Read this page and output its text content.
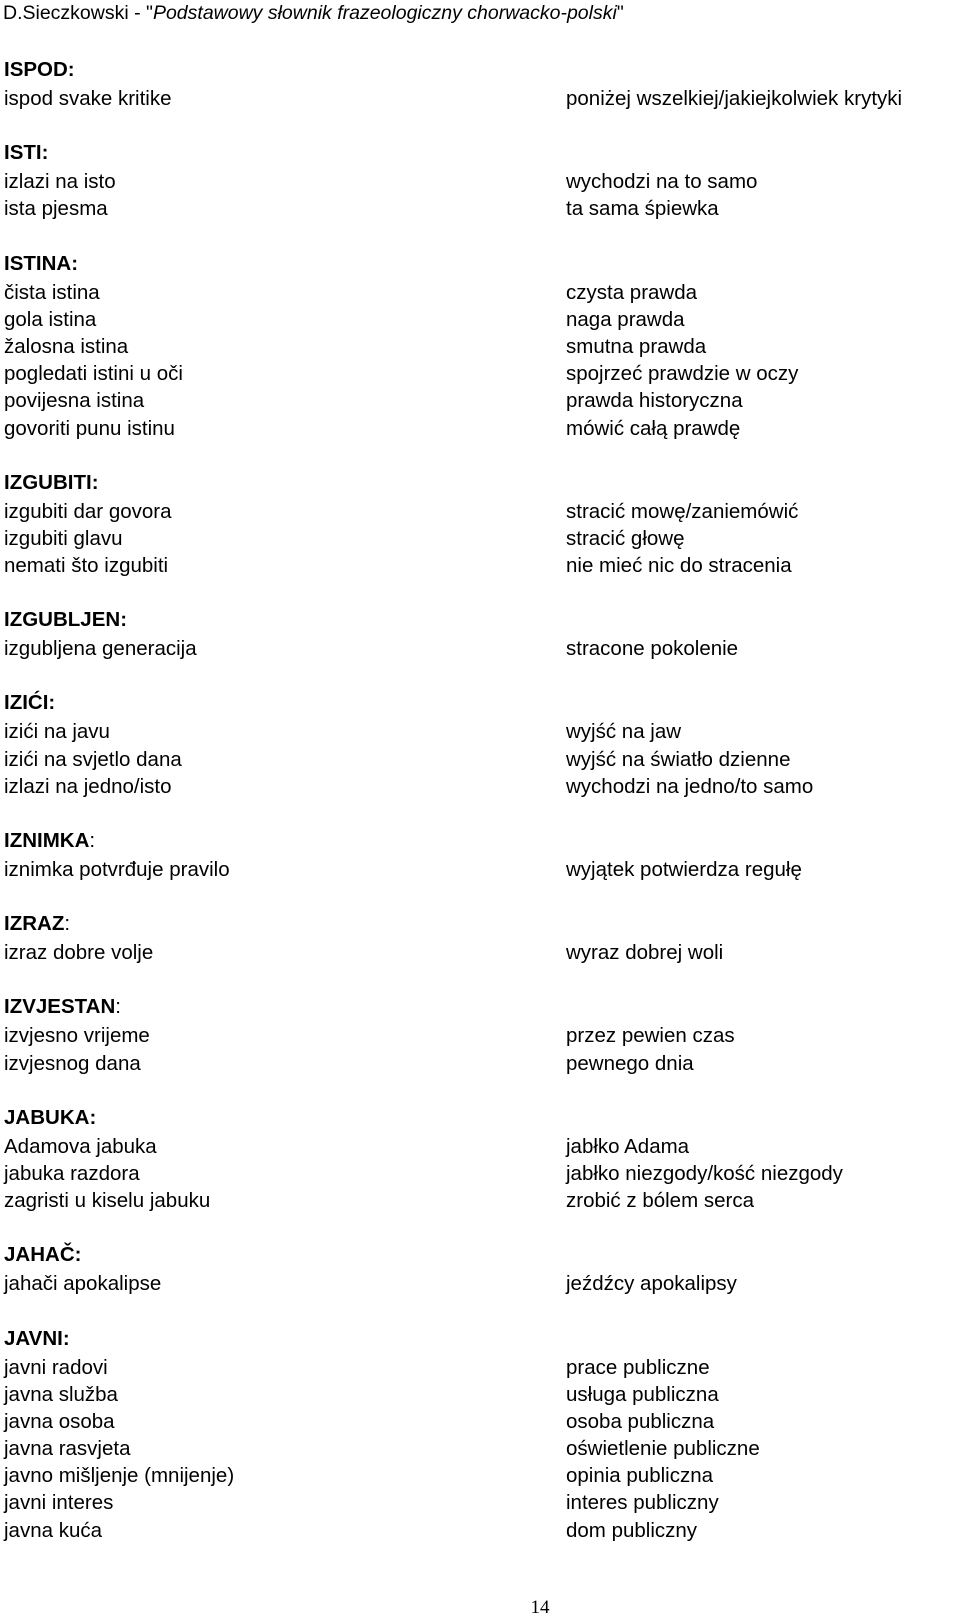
D.Sieczkowski - "Podstawowy słownik frazeologiczny chorwacko-polski"
ISPOD:
ispod svake kritike	poniżej wszelkiej/jakiejkolwiek krytyki
ISTI:
izlazi na isto	wychodzi na to samo
ista pjesma	ta sama śpiewka
ISTINA:
čista istina	czysta prawda
gola istina	naga prawda
žalosna istina	smutna prawda
pogledati istini u oči	spojrzeć prawdzie w oczy
povijesna istina	prawda historyczna
govoriti punu istinu	mówić całą prawdę
IZGUBITI:
izgubiti dar govora	stracić mowę/zaniemówić
izgubiti glavu	stracić głowę
nemati što izgubiti	nie mieć nic do stracenia
IZGUBLJEN:
izgubljena generacija	stracone pokolenie
IZIĆI:
izići na javu	wyjść na jaw
izići na svjetlo dana	wyjść na światło dzienne
izlazi na jedno/isto	wychodzi na jedno/to samo
IZNIMKA:
iznimka potvrđuje pravilo	wyjątek potwierdza regułę
IZRAZ:
izraz dobre volje	wyraz dobrej woli
IZVJESTAN:
izvjesno vrijeme	przez pewien czas
izvjesnog dana	pewnego dnia
JABUKA:
Adamova jabuka	jabłko Adama
jabuka razdora	jabłko niezgody/kość niezgody
zagristi u kiselu jabuku	zrobić z bólem serca
JAHAČ:
jahači apokalipse	jeźdźcy apokalipsy
JAVNI:
javni radovi	prace publiczne
javna služba	usługa publiczna
javna osoba	osoba publiczna
javna rasvjeta	oświetlenie publiczne
javno mišljenje (mnijenje)	opinia publiczna
javni interes	interes publiczny
javna kuća	dom publiczny
14
